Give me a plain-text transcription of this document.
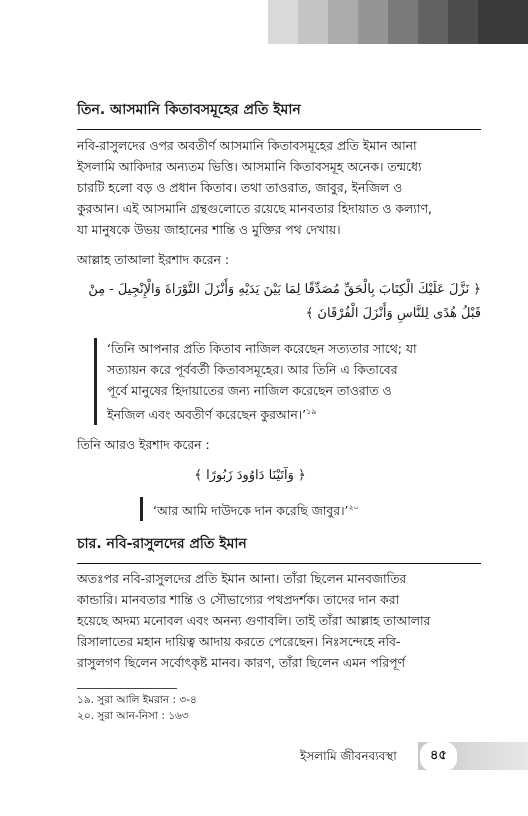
তিন. আসমানি কিতাবসমূহের প্রতি ইমান
নবি-রাসুলদের ওপর অবতীর্ণ আসমানি কিতাবসমূহের প্রতি ইমান আনা
ইসলামি আকিদার অন্যতম ভিত্তি। আসমানি কিতাবসমূহ অনেক। তন্মধ্যে
চারটি হলো বড় ও প্রধান কিতাব। তথা তাওরাত, জাবুর, ইনজিল ও
কুরআন। এই আসমানি গ্রন্থগুলোতে রয়েছে মানবতার হিদায়াত ও কল্যাণ,
যা মানুষকে উভয় জাহানের শান্তি ও মুক্তির পথ দেখায়।
আল্লাহ তাআলা ইরশাদ করেন :
﴿ نَزَّلَ عَلَيْكَ الْكِتَابَ بِالْحَقِّ مُصَدِّقًا لِمَا بَيْنَ يَدَيْهِ وَأَنْزَلَ التَّوْرَاةَ وَالْإِنْجِيلَ - مِنْ قَبْلُ هُدًى لِلنَّاسِ وَأَنْزَلَ الْفُرْقَانَ ﴾
‘তিনি আপনার প্রতি কিতাব নাজিল করেছেন সত্যতার সাথে; যা
সত্যায়ন করে পূর্ববর্তী কিতাবসমূহের। আর তিনি এ কিতাবের
পূর্বে মানুষের হিদায়াতের জন্য নাজিল করেছেন তাওরাত ও
ইনজিল এবং অবতীর্ণ করেছেন কুরআন।’$^{১৯}$
তিনি আরও ইরশাদ করেন :
﴿ وَآتَيْنَا دَاوُودَ زَبُورًا ﴾
‘আর আমি দাউদকে দান করেছি জাবুর।’$^{২০}$
চার. নবি-রাসুলদের প্রতি ইমান
অতঃপর নবি-রাসুলদের প্রতি ইমান আনা। তাঁরা ছিলেন মানবজাতির
কান্ডারি। মানবতার শান্তি ও সৌভাগ্যের পথপ্রদর্শক। তাদের দান করা
হয়েছে অদম্য মনোবল এবং অনন্য গুণাবলি। তাই তাঁরা আল্লাহ তাআলার
রিসালাতের মহান দায়িত্ব আদায় করতে পেরেছেন। নিঃসন্দেহে নবি-
রাসুলগণ ছিলেন সর্বোৎকৃষ্ট মানব। কারণ, তাঁরা ছিলেন এমন পরিপূর্ণ
১৯. সুরা আলি ইমরান : ৩-৪
২০. সুরা আন-নিসা : ১৬৩
ইসলামি জীবনব্যবস্থা	৪৫
